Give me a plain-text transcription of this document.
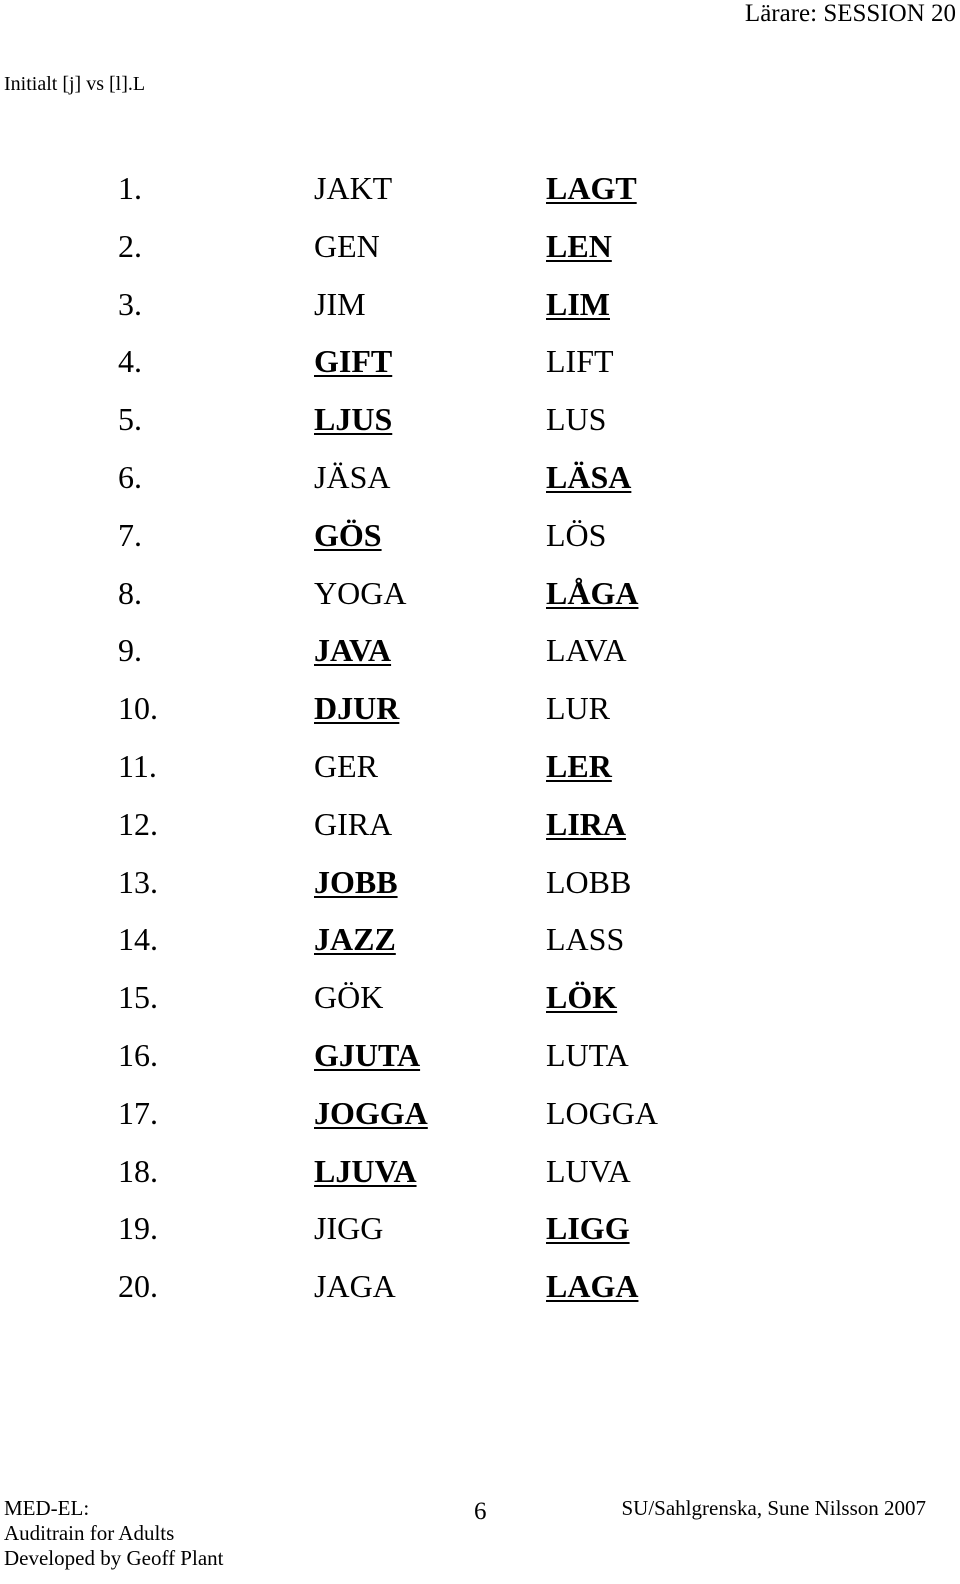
Lärare: SESSION 20
Initialt [j] vs [l].L
1.	JAKT	LAGT
2.	GEN	LEN
3.	JIM	LIM
4.	GIFT	LIFT
5.	LJUS	LUS
6.	JÄSA	LÄSA
7.	GÖS	LÖS
8.	YOGA	LÅGA
9.	JAVA	LAVA
10.	DJUR	LUR
11.	GER	LER
12.	GIRA	LIRA
13.	JOBB	LOBB
14.	JAZZ	LASS
15.	GÖK	LÖK
16.	GJUTA	LUTA
17.	JOGGA	LOGGA
18.	LJUVA	LUVA
19.	JIGG	LIGG
20.	JAGA	LAGA
MED-EL:
Auditrain for Adults
Developed by Geoff Plant
6	SU/Sahlgrenska, Sune Nilsson 2007
